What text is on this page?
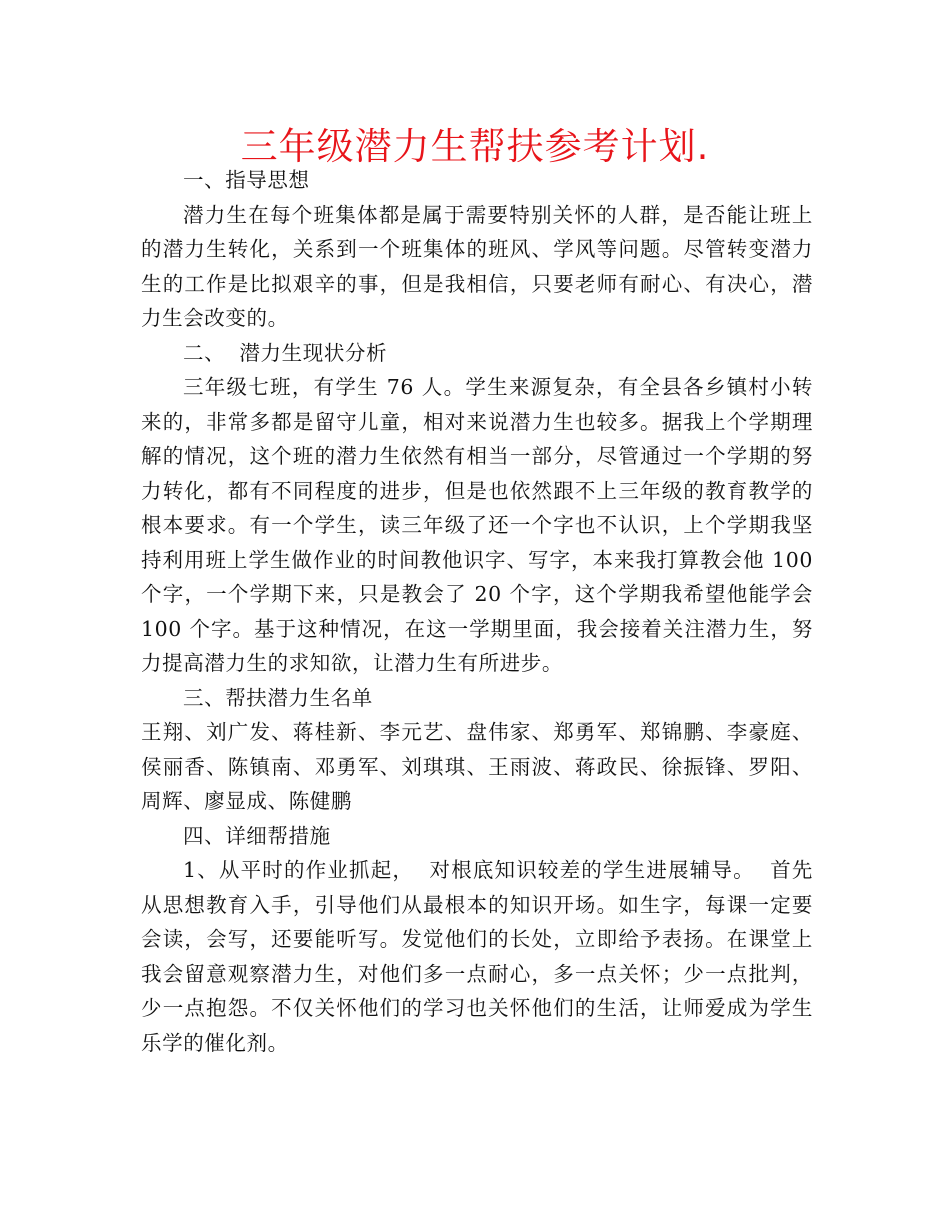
三年级潜力生帮扶参考计划.

一、指导思想

潜力生在每个班集体都是属于需要特别关怀的人群，是否能让班上的潜力生转化，关系到一个班集体的班风、学风等问题。尽管转变潜力生的工作是比拟艰辛的事，但是我相信，只要老师有耐心、有决心，潜力生会改变的。

二、  潜力生现状分析

三年级七班，有学生 76 人。学生来源复杂，有全县各乡镇村小转来的，非常多都是留守儿童，相对来说潜力生也较多。据我上个学期理解的情况，这个班的潜力生依然有相当一部分，尽管通过一个学期的努力转化，都有不同程度的进步，但是也依然跟不上三年级的教育教学的根本要求。有一个学生，读三年级了还一个字也不认识，上个学期我坚持利用班上学生做作业的时间教他识字、写字，本来我打算教会他 100 个字，一个学期下来，只是教会了 20 个字，这个学期我希望他能学会 100 个字。基于这种情况，在这一学期里面，我会接着关注潜力生，努力提高潜力生的求知欲，让潜力生有所进步。

三、帮扶潜力生名单

王翔、刘广发、蒋桂新、李元艺、盘伟家、郑勇军、郑锦鹏、李豪庭、侯丽香、陈镇南、邓勇军、刘琪琪、王雨波、蒋政民、徐振锋、罗阳、周辉、廖显成、陈健鹏

四、详细帮措施

1、从平时的作业抓起，  对根底知识较差的学生进展辅导。  首先从思想教育入手，引导他们从最根本的知识开场。如生字，每课一定要会读，会写，还要能听写。发觉他们的长处，立即给予表扬。在课堂上我会留意观察潜力生，对他们多一点耐心，多一点关怀；少一点批判，少一点抱怨。不仅关怀他们的学习也关怀他们的生活，让师爱成为学生乐学的催化剂。
